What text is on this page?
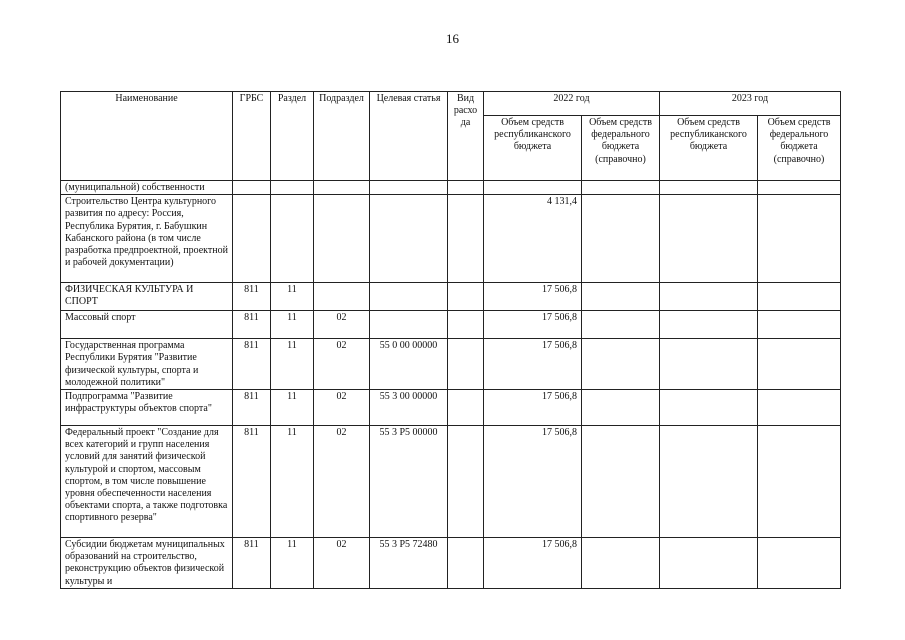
16
Наименование	ГРБС	Раздел	Подраздел	Целевая статья	Вид расхо да	2022 год		2023 год	
						Объем средств республиканского бюджета	Объем средств федерального бюджета (справочно)	Объем средств республиканского бюджета	Объем средств федерального бюджета (справочно)
(муниципальной) собственности									
Строительство Центра культурного развития по адресу: Россия, Республика Бурятия, г. Бабушкин Кабанского района (в том числе разработка предпроектной, проектной и рабочей документации)						4 131,4			
ФИЗИЧЕСКАЯ КУЛЬТУРА И СПОРТ	811	11				17 506,8			
Массовый спорт	811	11	02			17 506,8			
Государственная программа Республики Бурятия "Развитие физической культуры, спорта и молодежной политики"	811	11	02	55 0 00 00000		17 506,8			
Подпрограмма "Развитие инфраструктуры объектов спорта"	811	11	02	55 3 00 00000		17 506,8			
Федеральный проект "Создание для всех категорий и групп населения условий для занятий физической культурой и спортом, массовым спортом, в том числе повышение уровня обеспеченности населения объектами спорта, а также подготовка спортивного резерва"	811	11	02	55 3 Р5 00000		17 506,8			
Субсидии бюджетам муниципальных образований на строительство, реконструкцию объектов физической культуры и	811	11	02	55 3 Р5 72480		17 506,8			
